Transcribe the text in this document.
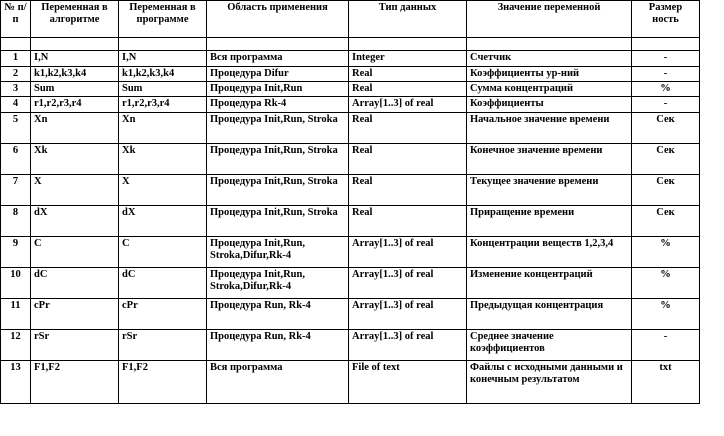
№ п/п	Переменная в алгоритме	Переменная в программе	Область применения	Тип данных	Значение переменной	Размер ность

1	I,N	I,N	Вся программа	Integer	Счетчик	-
2	k1,k2,k3,k4	k1,k2,k3,k4	Процедура Difur	Real	Коэффициенты ур-ний	-
3	Sum	Sum	Процедура Init,Run	Real	Сумма концентраций	%
4	r1,r2,r3,r4	r1,r2,r3,r4	Процедура Rk-4	Array[1..3] of real	Коэффициенты	-
5	Xn	Xn	Процедура Init,Run, Stroka	Real	Начальное значение времени	Сек
6	Xk	Xk	Процедура Init,Run, Stroka	Real	Конечное значение времени	Сек
7	X	X	Процедура Init,Run, Stroka	Real	Текущее значение времени	Сек
8	dX	dX	Процедура Init,Run, Stroka	Real	Приращение времени	Сек
9	C	C	Процедура Init,Run, Stroka,Difur,Rk-4	Array[1..3] of real	Концентрации веществ 1,2,3,4	%
10	dC	dC	Процедура Init,Run, Stroka,Difur,Rk-4	Array[1..3] of real	Изменение концентраций	%
11	cPr	cPr	Процедура Run, Rk-4	Array[1..3] of real	Предыдущая концентрация	%
12	rSr	rSr	Процедура Run, Rk-4	Array[1..3] of real	Среднее значение коэффициентов	-
13	F1,F2	F1,F2	Вся программа	File of text	Файлы с исходными данными и конечным результатом	txt
